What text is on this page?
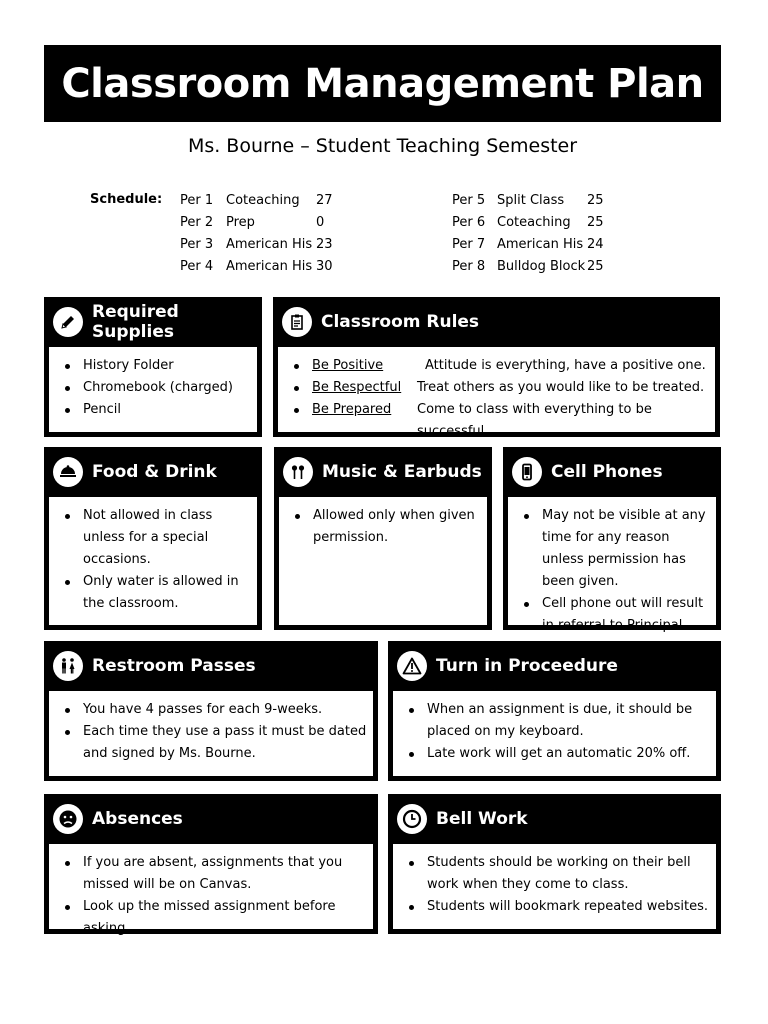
Classroom Management Plan
Ms. Bourne – Student Teaching Semester
Schedule: Per 1 Coteaching 27
Per 2 Prep	0
Per 3 American His 23
Per 4 American His 30
Per 5 Split Class 25
Per 6 Coteaching 25
Per 7 American His 24
Per 8 Bulldog Block 25
Required Supplies
History Folder
Chromebook (charged)
Pencil
Classroom Rules
Be Positive	Attitude is everything, have a positive one.
Be Respectful	Treat others as you would like to be treated.
Be Prepared	Come to class with everything to be successful.
Food & Drink
Not allowed in class unless for a special occasions.
Only water is allowed in the classroom.
Music & Earbuds
Allowed only when given permission.
Cell Phones
May not be visible at any time for any reason unless permission has been given.
Cell phone out will result in referral to Principal.
Restroom Passes
You have 4 passes for each 9-weeks.
Each time they use a pass it must be dated and signed by Ms. Bourne.
Turn in Proceedure
When an assignment is due, it should be placed on my keyboard.
Late work will get an automatic 20% off.
Absences
If you are absent, assignments that you missed will be on Canvas.
Look up the missed assignment before asking.
Bell Work
Students should be working on their bell work when they come to class.
Students will bookmark repeated websites.
